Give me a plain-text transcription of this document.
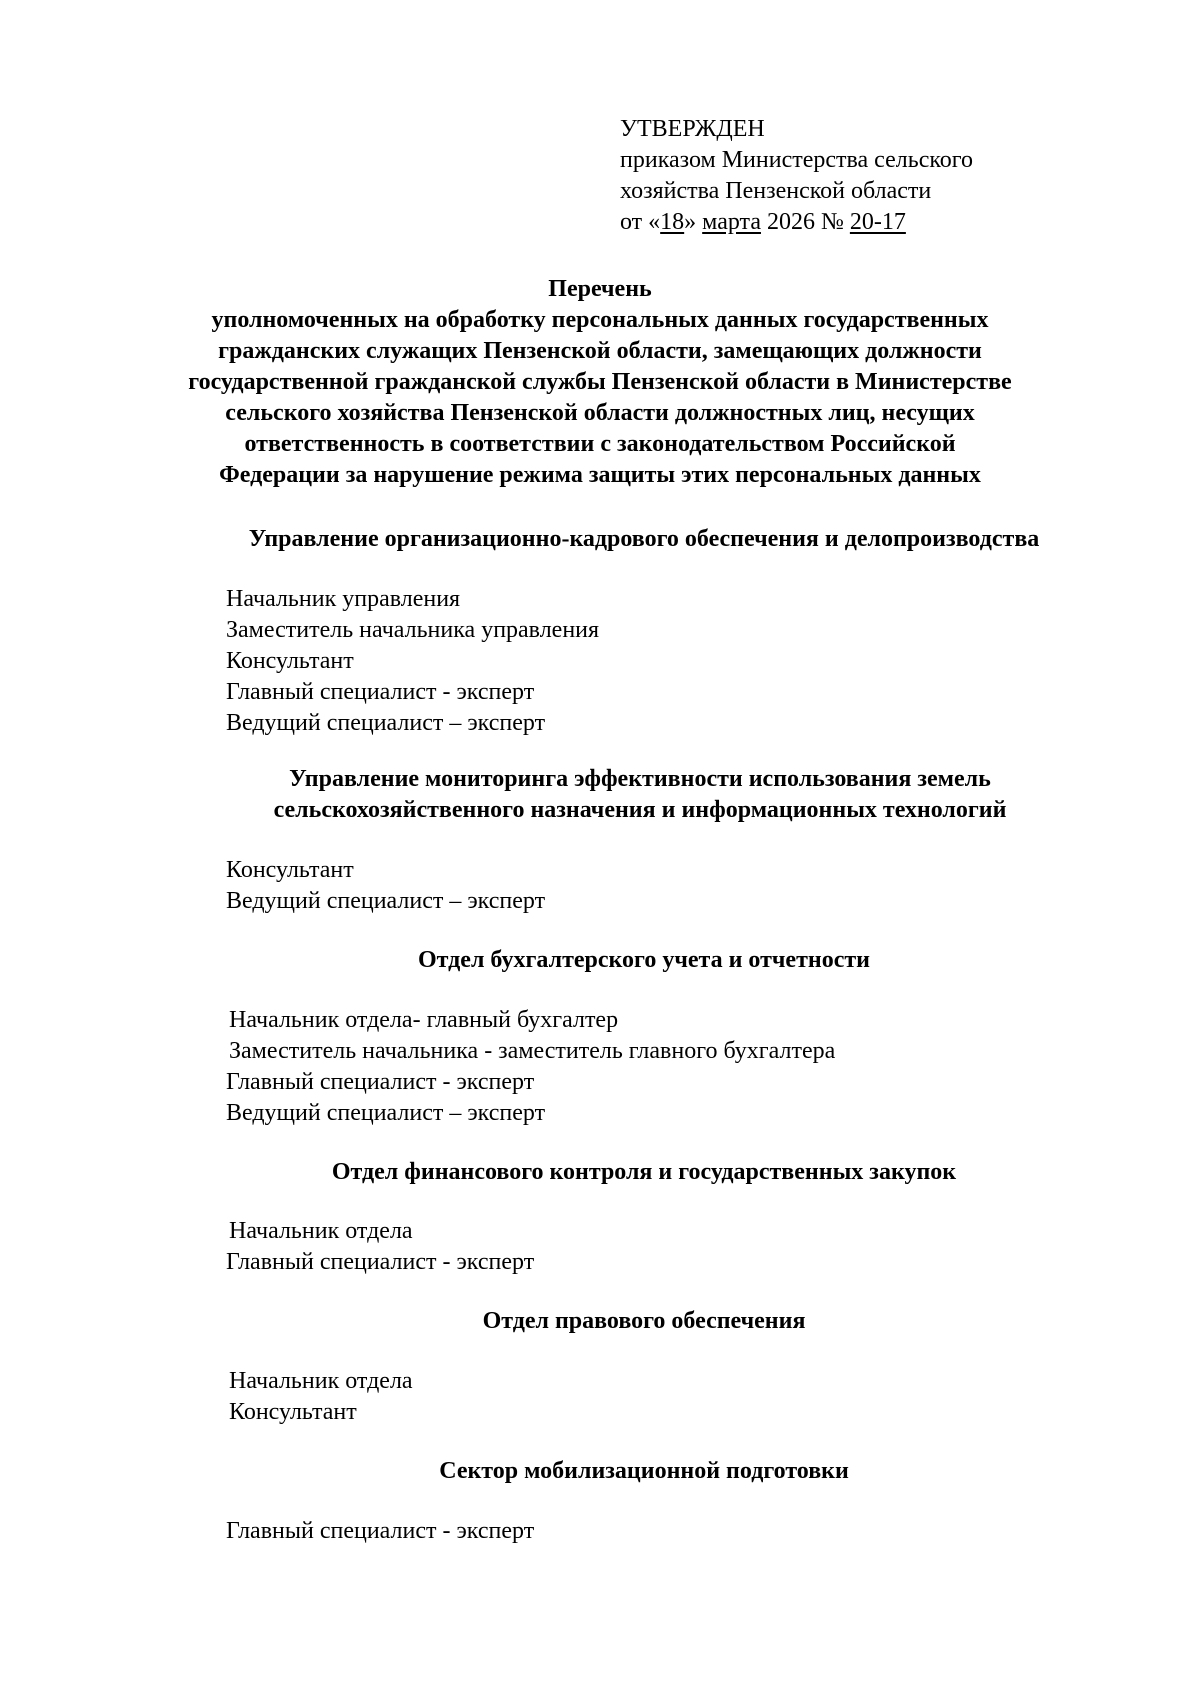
УТВЕРЖДЕН
приказом Министерства сельского
хозяйства Пензенской области
от «18» марта 2026 № 20-17
Перечень
уполномоченных на обработку персональных данных государственных
гражданских служащих Пензенской области, замещающих должности
государственной гражданской службы Пензенской области в Министерстве
сельского хозяйства Пензенской области должностных лиц, несущих
ответственность в соответствии с законодательством Российской
Федерации за нарушение режима защиты этих персональных данных
Управление организационно-кадрового обеспечения и делопроизводства
Начальник управления
Заместитель начальника управления
Консультант
Главный специалист - эксперт
Ведущий специалист – эксперт
Управление мониторинга эффективности использования земель
сельскохозяйственного назначения и информационных технологий
Консультант
Ведущий специалист – эксперт
Отдел бухгалтерского учета и отчетности
Начальник отдела- главный бухгалтер
Заместитель начальника - заместитель главного бухгалтера
Главный специалист - эксперт
Ведущий специалист – эксперт
Отдел финансового контроля и государственных закупок
Начальник отдела
Главный специалист - эксперт
Отдел правового обеспечения
Начальник отдела
Консультант
Сектор мобилизационной подготовки
Главный специалист - эксперт
